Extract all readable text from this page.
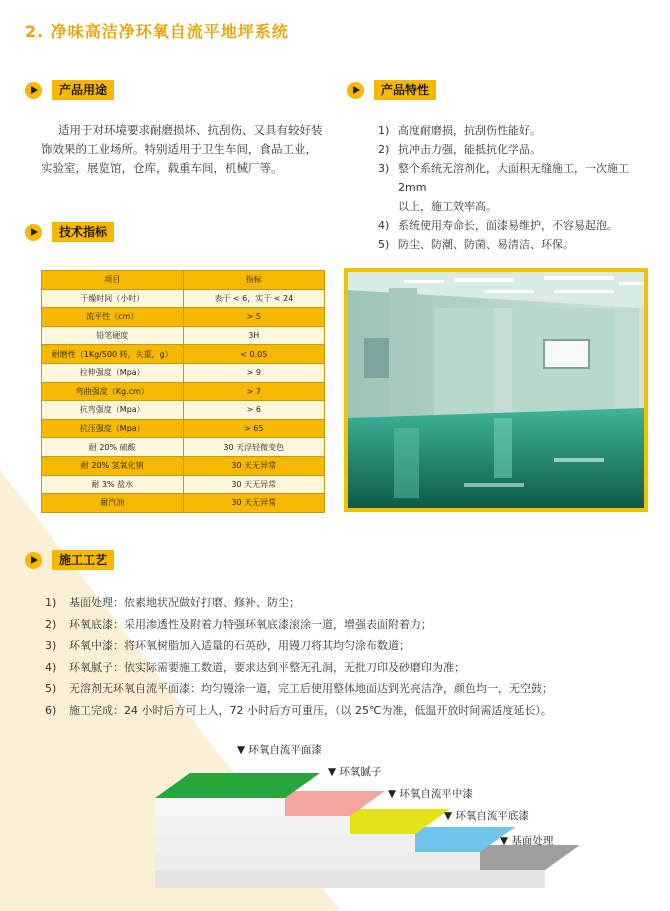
2. 净味高洁净环氧自流平地坪系统
产品用途
适用于对环境要求耐磨损坏、抗刮伤、又具有较好装
饰效果的工业场所。特别适用于卫生车间，食品工业，
实验室，展览馆，仓库，载重车间，机械厂等。
产品特性
1) 高度耐磨损，抗刮伤性能好。
2) 抗冲击力强，能抵抗化学品。
3) 整个系统无溶剂化，大面积无缝施工，一次施工 2mm
以上，施工效率高。
4) 系统使用寿命长，面漆易维护，不容易起泡。
5) 防尘、防潮、防菌、易清洁、环保。
技术指标
项目	指标
干燥时间（小时）	表干 < 6，实干 < 24
流平性（cm）	> 5
铅笔硬度	3H
耐磨性（1Kg/500 转，失重，g）	< 0.05
拉伸强度（Mpa）	> 9
弯曲强度（Kg.cm）	> 7
抗弯强度（Mpa）	> 6
抗压强度（Mpa）	> 65
耐 20% 硫酸	30 天浮轻微变色
耐 20% 氢氧化钠	30 天无异常
耐 3% 盐水	30 天无异常
耐汽油	30 天无异常
施工工艺
1)	基面处理：依素地状况做好打磨、修补、防尘；
2)	环氧底漆：采用渗透性及附着力特强环氧底漆滚涂一道，增强表面附着力；
3)	环氧中漆：将环氧树脂加入适量的石英砂，用镘刀将其均匀涂布数道；
4)	环氧腻子：依实际需要施工数道，要求达到平整无孔洞，无批刀印及砂磨印为准；
5)	无溶剂无环氧自流平面漆：均匀镘涂一道，完工后使用整体地面达到光亮洁净，颜色均一，无空鼓；
6)	施工完成：24 小时后方可上人，72 小时后方可重压，（以 25℃为准，低温开放时间需适度延长）。
▼ 环氧自流平面漆
▼ 环氧腻子
▼ 环氧自流平中漆
▼ 环氧自流平底漆
▼ 基面处理
